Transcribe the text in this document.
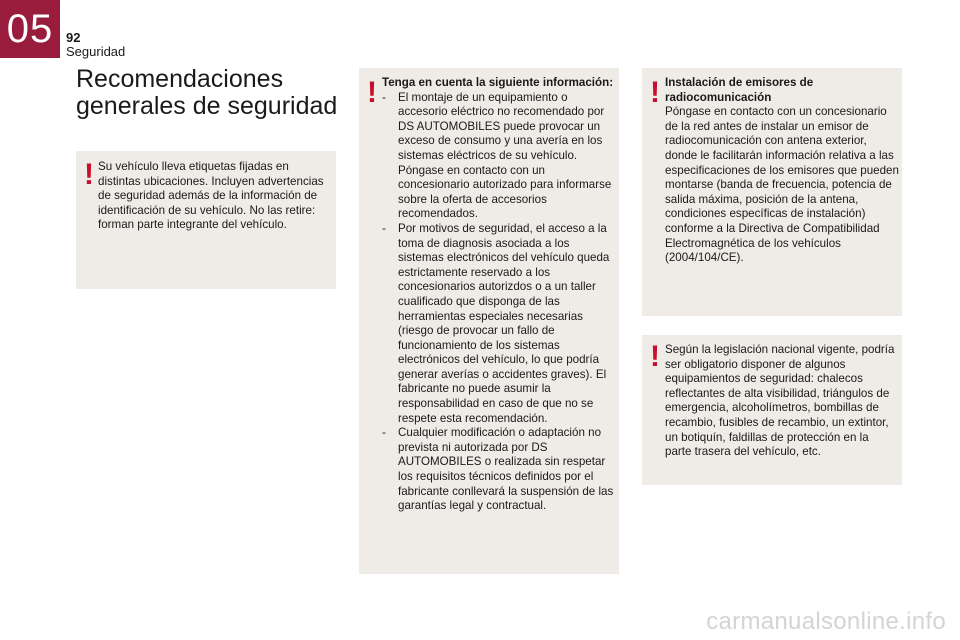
05 92
Seguridad
Recomendaciones generales de seguridad
! Su vehículo lleva etiquetas fijadas en distintas ubicaciones. Incluyen advertencias de seguridad además de la información de identificación de su vehículo. No las retire: forman parte integrante del vehículo.

! Tenga en cuenta la siguiente información:

- El montaje de un equipamiento o accesorio eléctrico no recomendado por DS AUTOMOBILES puede provocar un exceso de consumo y una avería en los sistemas eléctricos de su vehículo. Póngase en contacto con un concesionario autorizado para informarse sobre la oferta de accesorios recomendados.
- Por motivos de seguridad, el acceso a la toma de diagnosis asociada a los sistemas electrónicos del vehículo queda estrictamente reservado a los concesionarios autorizdos o a un taller cualificado que disponga de las herramientas especiales necesarias (riesgo de provocar un fallo de funcionamiento de los sistemas electrónicos del vehículo, lo que podría generar averías o accidentes graves). El fabricante no puede asumir la responsabilidad en caso de que no se respete esta recomendación.
- Cualquier modificación o adaptación no prevista ni autorizada por DS AUTOMOBILES o realizada sin respetar los requisitos técnicos definidos por el fabricante conllevará la suspensión de las garantías legal y contractual.
! Instalación de emisores de radiocomunicación

Póngase en contacto con un concesionario de la red antes de instalar un emisor de radiocomunicación con antena exterior, donde le facilitarán información relativa a las especificaciones de los emisores que pueden montarse (banda de frecuencia, potencia de salida máxima, posición de la antena, condiciones específicas de instalación) conforme a la Directiva de Compatibilidad Electromagnética de los vehículos (2004/104/CE).

! Según la legislación nacional vigente, podría ser obligatorio disponer de algunos equipamientos de seguridad: chalecos reflectantes de alta visibilidad, triángulos de emergencia, alcoholímetros, bombillas de recambio, fusibles de recambio, un extintor, un botiquín, faldillas de protección en la parte trasera del vehículo, etc.

carmanualsonline.info
